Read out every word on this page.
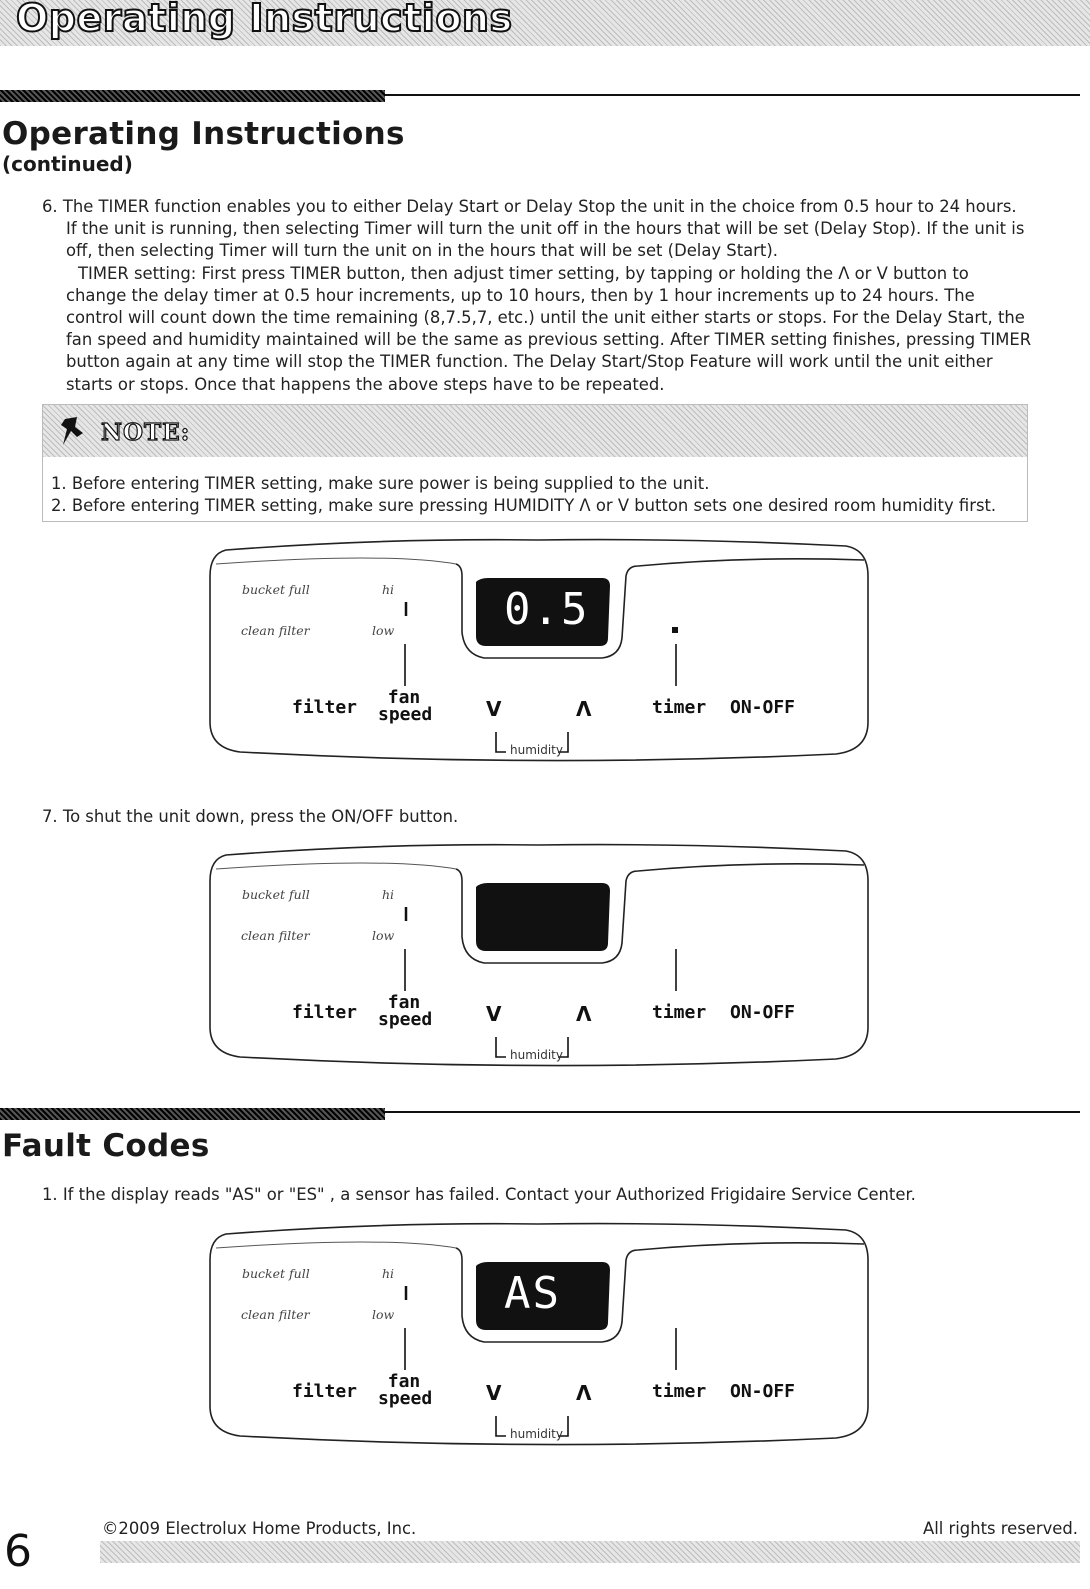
Operating Instructions
Operating Instructions
(continued)
6. The TIMER function enables you to either Delay Start or Delay Stop the unit in the choice from 0.5 hour to 24 hours.
If the unit is running, then selecting Timer will turn the unit off in the hours that will be set (Delay Stop). If the unit is
off, then selecting Timer will turn the unit on in the hours that will be set (Delay Start).
TIMER setting: First press TIMER button, then adjust timer setting, by tapping or holding the Λ or V button to
change the delay timer at 0.5 hour increments, up to 10 hours, then by 1 hour increments up to 24 hours. The
control will count down the time remaining (8,7.5,7, etc.) until the unit either starts or stops. For the Delay Start, the
fan speed and humidity maintained will be the same as previous setting. After TIMER setting finishes, pressing TIMER
button again at any time will stop the TIMER function. The Delay Start/Stop Feature will work until the unit either
starts or stops. Once that happens the above steps have to be repeated.
NOTE:
1. Before entering TIMER setting, make sure power is being supplied to the unit.
2. Before entering TIMER setting, make sure pressing HUMIDITY Λ or V button sets one desired room humidity first.
bucket full	hi
clean filter	low
filter	fan
speed	V	Λ	timer ON-OFF
humidity
0.5
7. To shut the unit down, press the ON/OFF button.
bucket full	hi
clean filter	low
filter	fan
speed	V	Λ	timer ON-OFF
humidity
Fault Codes
1. If the display reads "AS" or "ES" , a sensor has failed. Contact your Authorized Frigidaire Service Center.
bucket full	hi
clean filter	low
filter	fan
speed	V	Λ	timer ON-OFF
humidity
AS
6	©2009 Electrolux Home Products, Inc.	All rights reserved.
